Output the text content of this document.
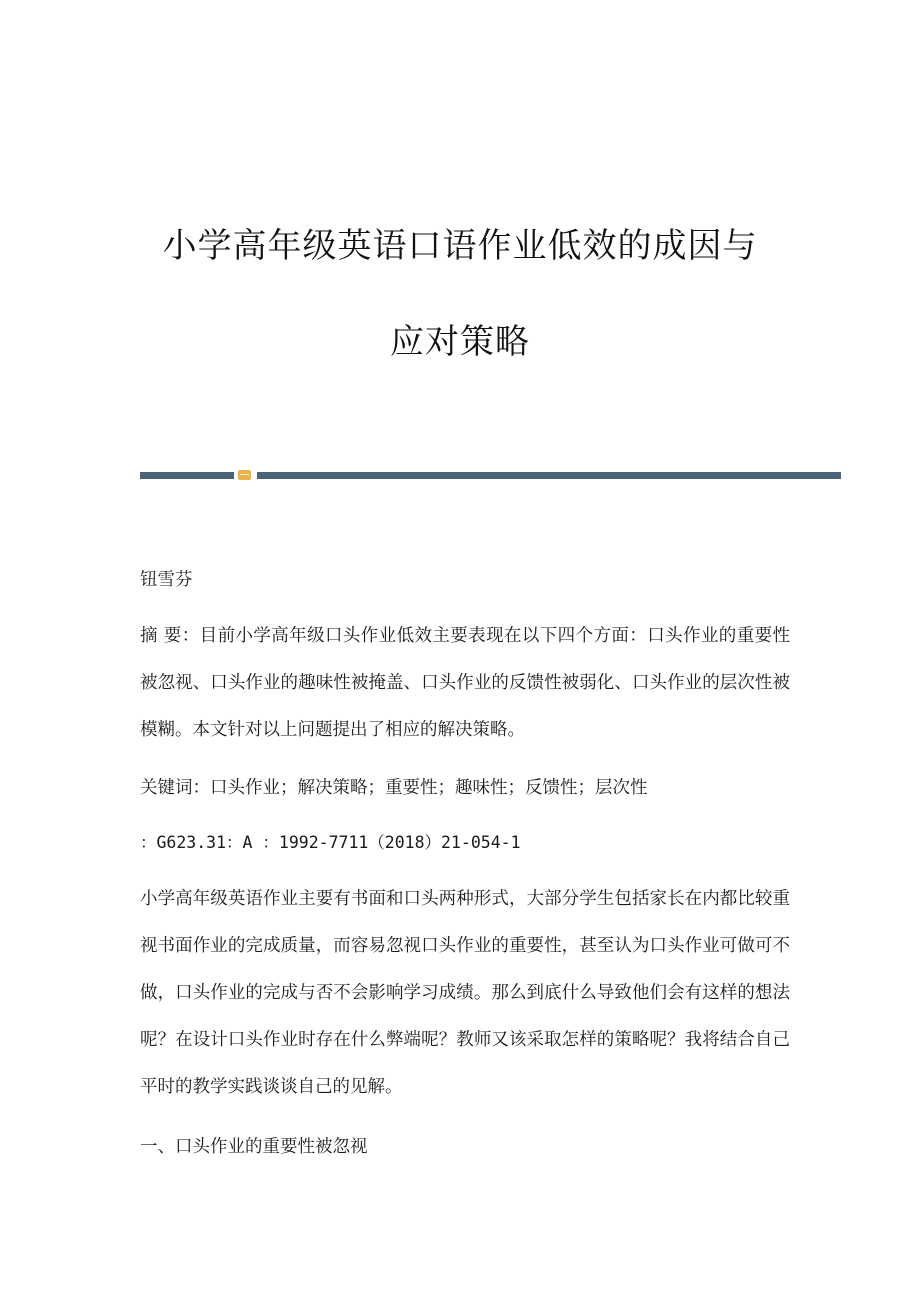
小学高年级英语口语作业低效的成因与
应对策略
钮雪芬
摘 要：目前小学高年级口头作业低效主要表现在以下四个方面：口头作业的重要性被忽视、口头作业的趣味性被掩盖、口头作业的反馈性被弱化、口头作业的层次性被模糊。本文针对以上问题提出了相应的解决策略。
关键词：口头作业；解决策略；重要性；趣味性；反馈性；层次性
：G623.31：A ：1992-7711（2018）21-054-1
小学高年级英语作业主要有书面和口头两种形式，大部分学生包括家长在内都比较重视书面作业的完成质量，而容易忽视口头作业的重要性，甚至认为口头作业可做可不做，口头作业的完成与否不会影响学习成绩。那么到底什么导致他们会有这样的想法呢？在设计口头作业时存在什么弊端呢？教师又该采取怎样的策略呢？我将结合自己平时的教学实践谈谈自己的见解。
一、口头作业的重要性被忽视
